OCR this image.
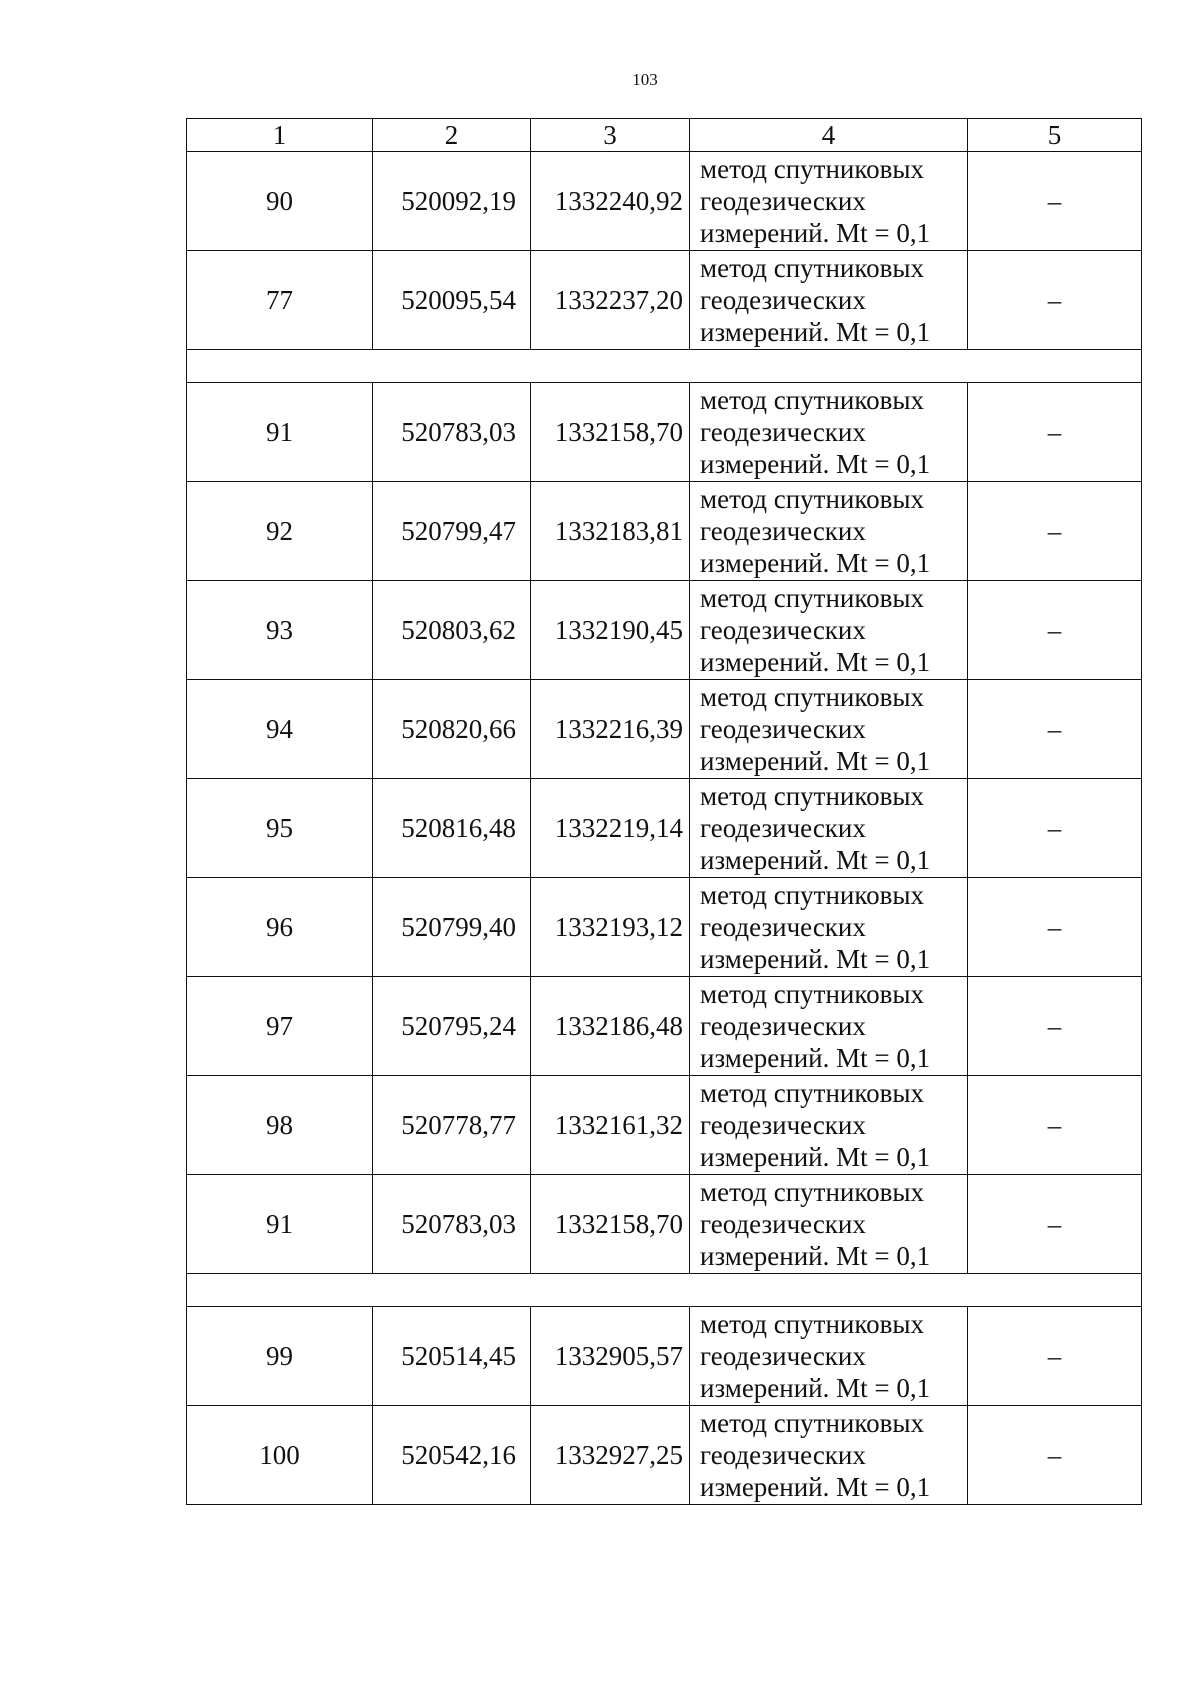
103
1	2	3	4	5
90	520092,19	1332240,92	метод спутниковых
геодезических
измерений. Mt = 0,1	–
77	520095,54	1332237,20	метод спутниковых
геодезических
измерений. Mt = 0,1	–

91	520783,03	1332158,70	метод спутниковых
геодезических
измерений. Mt = 0,1	–
92	520799,47	1332183,81	метод спутниковых
геодезических
измерений. Mt = 0,1	–
93	520803,62	1332190,45	метод спутниковых
геодезических
измерений. Mt = 0,1	–
94	520820,66	1332216,39	метод спутниковых
геодезических
измерений. Mt = 0,1	–
95	520816,48	1332219,14	метод спутниковых
геодезических
измерений. Mt = 0,1	–
96	520799,40	1332193,12	метод спутниковых
геодезических
измерений. Mt = 0,1	–
97	520795,24	1332186,48	метод спутниковых
геодезических
измерений. Mt = 0,1	–
98	520778,77	1332161,32	метод спутниковых
геодезических
измерений. Mt = 0,1	–
91	520783,03	1332158,70	метод спутниковых
геодезических
измерений. Mt = 0,1	–

99	520514,45	1332905,57	метод спутниковых
геодезических
измерений. Mt = 0,1	–
100	520542,16	1332927,25	метод спутниковых
геодезических
измерений. Mt = 0,1	–
